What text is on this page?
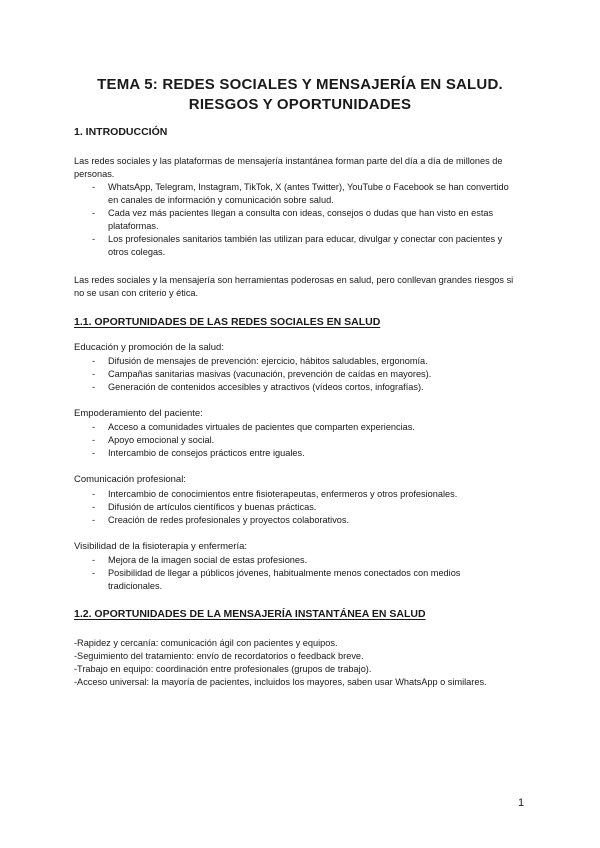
TEMA 5: REDES SOCIALES Y MENSAJERÍA EN SALUD.
RIESGOS Y OPORTUNIDADES
1. INTRODUCCIÓN
Las redes sociales y las plataformas de mensajería instantánea forman parte del día a día de millones de personas.
- WhatsApp, Telegram, Instagram, TikTok, X (antes Twitter), YouTube o Facebook se han convertido en canales de información y comunicación sobre salud.
- Cada vez más pacientes llegan a consulta con ideas, consejos o dudas que han visto en estas plataformas.
- Los profesionales sanitarios también las utilizan para educar, divulgar y conectar con pacientes y otros colegas.
Las redes sociales y la mensajería son herramientas poderosas en salud, pero conllevan grandes riesgos si no se usan con criterio y ética.
1.1. OPORTUNIDADES DE LAS REDES SOCIALES EN SALUD
Educación y promoción de la salud:
- Difusión de mensajes de prevención: ejercicio, hábitos saludables, ergonomía.
- Campañas sanitarias masivas (vacunación, prevención de caídas en mayores).
- Generación de contenidos accesibles y atractivos (vídeos cortos, infografías).
Empoderamiento del paciente:
- Acceso a comunidades virtuales de pacientes que comparten experiencias.
- Apoyo emocional y social.
- Intercambio de consejos prácticos entre iguales.
Comunicación profesional:
- Intercambio de conocimientos entre fisioterapeutas, enfermeros y otros profesionales.
- Difusión de artículos científicos y buenas prácticas.
- Creación de redes profesionales y proyectos colaborativos.
Visibilidad de la fisioterapia y enfermería:
- Mejora de la imagen social de estas profesiones.
- Posibilidad de llegar a públicos jóvenes, habitualmente menos conectados con medios tradicionales.
1.2. OPORTUNIDADES DE LA MENSAJERÍA INSTANTÁNEA EN SALUD
-Rapidez y cercanía: comunicación ágil con pacientes y equipos.
-Seguimiento del tratamiento: envío de recordatorios o feedback breve.
-Trabajo en equipo: coordinación entre profesionales (grupos de trabajo).
-Acceso universal: la mayoría de pacientes, incluidos los mayores, saben usar WhatsApp o similares.
1
